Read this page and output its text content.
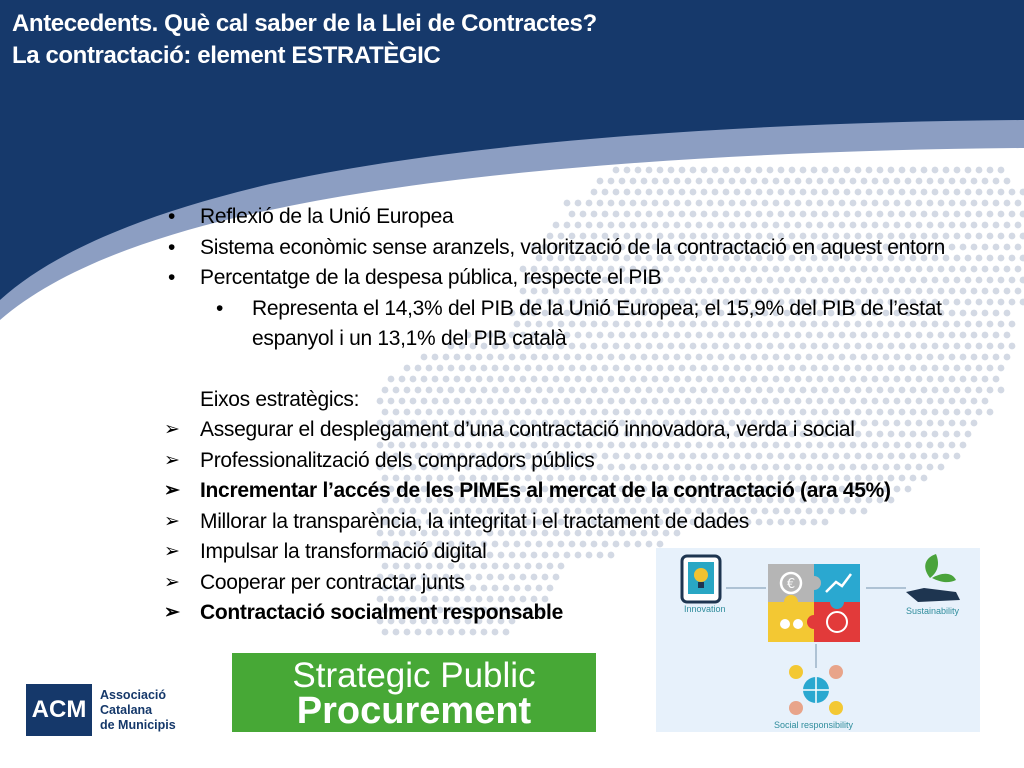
Antecedents. Què cal saber de la Llei de Contractes?
La contractació: element ESTRATÈGIC
• Reflexió de la Unió Europea
• Sistema econòmic sense aranzels, valorització de la contractació en aquest entorn
• Percentatge de la despesa pública, respecte el PIB
• Representa el 14,3% del PIB de la Unió Europea; el 15,9% del PIB de l’estat espanyol i un 13,1% del PIB català
Eixos estratègics:
➢ Assegurar el desplegament d’una contractació innovadora, verda i social
➢ Professionalització dels compradors públics
➢ Incrementar l’accés de les PIMEs al mercat de la contractació (ara 45%)
➢ Millorar la transparència, la integritat i el tractament de dades
➢ Impulsar la transformació digital
➢ Cooperar per contractar junts
➢ Contractació socialment responsable
€
Innovation	Sustainability
Social responsibility
Strategic Public
Procurement
ACM
Associació
Catalana
de Municipis
